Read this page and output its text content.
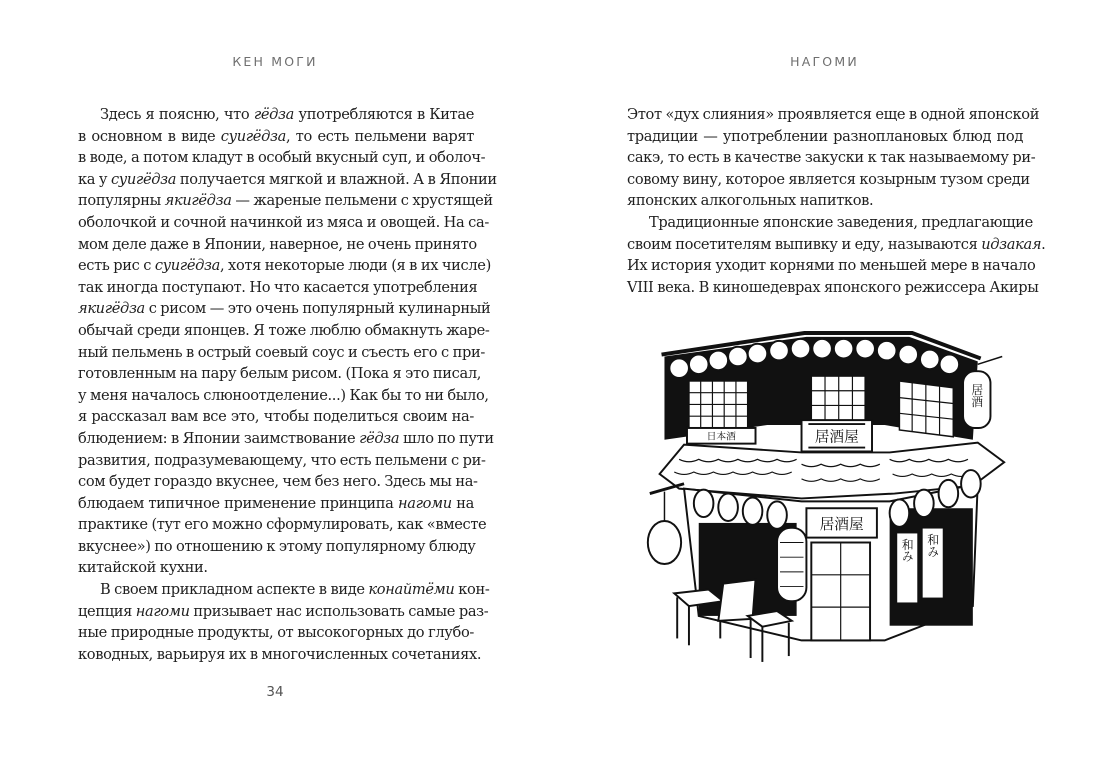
КЕН МОГИ
Здесь я поясню, что гёдза употребляются в Китае
в основном в виде суигёдза, то есть пельмени варят
в воде, а потом кладут в особый вкусный суп, и оболоч-
ка у суигёдза получается мягкой и влажной. А в Японии
популярны якигёдза — жареные пельмени с хрустящей
оболочкой и сочной начинкой из мяса и овощей. На са-
мом деле даже в Японии, наверное, не очень принято
есть рис с суигёдза, хотя некоторые люди (я в их числе)
так иногда поступают. Но что касается употребления
якигёдза с рисом — это очень популярный кулинарный
обычай среди японцев. Я тоже люблю обмакнуть жаре-
ный пельмень в острый соевый соус и съесть его с при-
готовленным на пару белым рисом. (Пока я это писал,
у меня началось слюноотделение...) Как бы то ни было,
я рассказал вам все это, чтобы поделиться своим на-
блюдением: в Японии заимствование гёдза шло по пути
развития, подразумевающему, что есть пельмени с ри-
сом будет гораздо вкуснее, чем без него. Здесь мы на-
блюдаем типичное применение принципа нагоми на
практике (тут его можно сформулировать, как «вместе
вкуснее») по отношению к этому популярному блюду
китайской кухни.
В своем прикладном аспекте в виде конайтёми кон-
цепция нагоми призывает нас использовать самые раз-
ные природные продукты, от высокогорных до глубо-
ководных, варьируя их в многочисленных сочетаниях.
34
НАГОМИ
Этот «дух слияния» проявляется еще в одной японской
традиции — употреблении разноплановых блюд под
сакэ, то есть в качестве закуски к так называемому ри-
совому вину, которое является козырным тузом среди
японских алкогольных напитков.
Традиционные японские заведения, предлагающие
своим посетителям выпивку и еду, называются идзакая.
Их история уходит корнями по меньшей мере в начало
VIII века. В киношедеврах японского режиссера Акиры
日本酒	居酒屋
居酒
居酒屋
和み 和み
